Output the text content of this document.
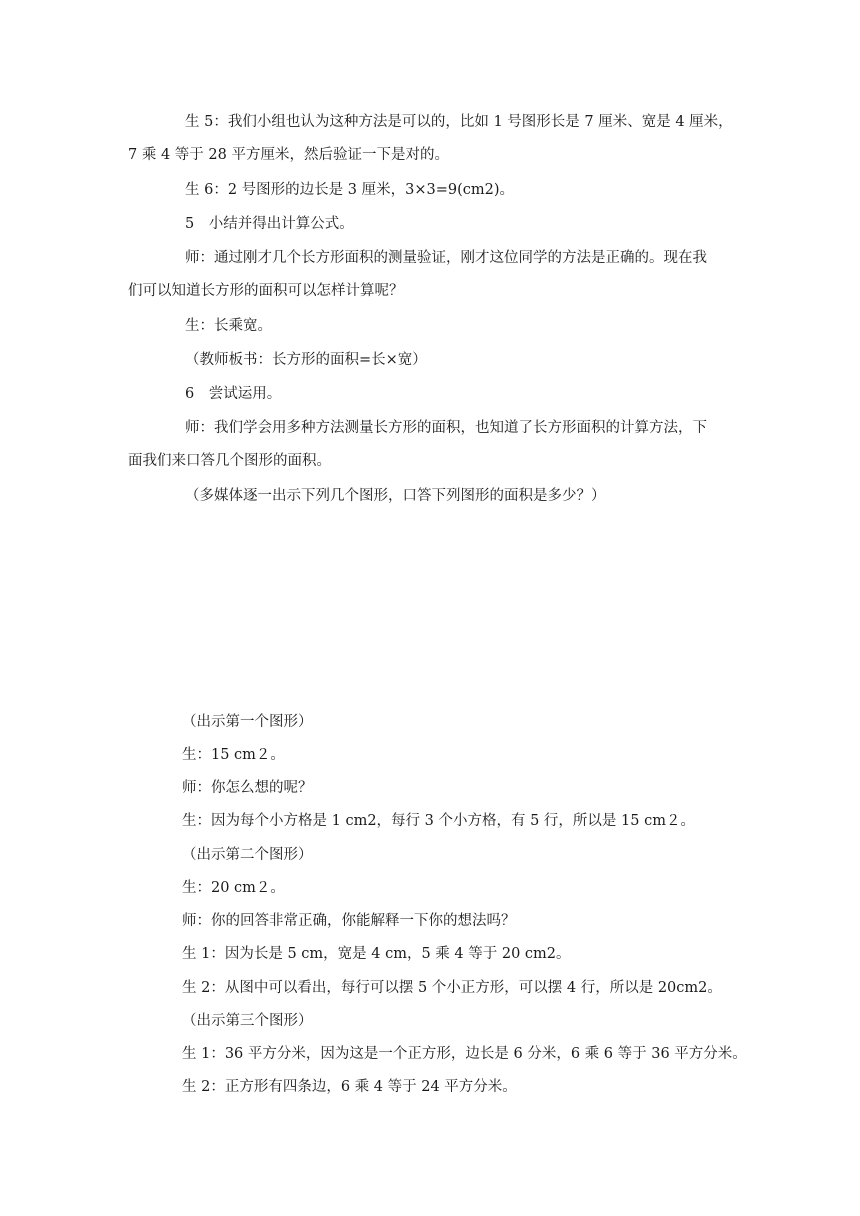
生 5：我们小组也认为这种方法是可以的，比如 1 号图形长是 7 厘米、宽是 4 厘米，

7 乘 4 等于 28 平方厘米，然后验证一下是对的。

生 6：2 号图形的边长是 3 厘米，3×3=9(cm2)。

5　小结并得出计算公式。

师：通过刚才几个长方形面积的测量验证，刚才这位同学的方法是正确的。现在我

们可以知道长方形的面积可以怎样计算呢？

生：长乘宽。

（教师板书：长方形的面积=长×宽）

6　尝试运用。

师：我们学会用多种方法测量长方形的面积，也知道了长方形面积的计算方法，下

面我们来口答几个图形的面积。

（多媒体逐一出示下列几个图形，口答下列图形的面积是多少？）

（出示第一个图形）

生：15 cm２。

师：你怎么想的呢？

生：因为每个小方格是 1 cm2，每行 3 个小方格，有 5 行，所以是 15 cm２。

（出示第二个图形）

生：20 cm２。

师：你的回答非常正确，你能解释一下你的想法吗？

生 1：因为长是 5 cm，宽是 4 cm，5 乘 4 等于 20 cm2。

生 2：从图中可以看出，每行可以摆 5 个小正方形，可以摆 4 行，所以是 20cm2。

（出示第三个图形）

生 1：36 平方分米，因为这是一个正方形，边长是 6 分米，6 乘 6 等于 36 平方分米。

生 2：正方形有四条边，6 乘 4 等于 24 平方分米。
